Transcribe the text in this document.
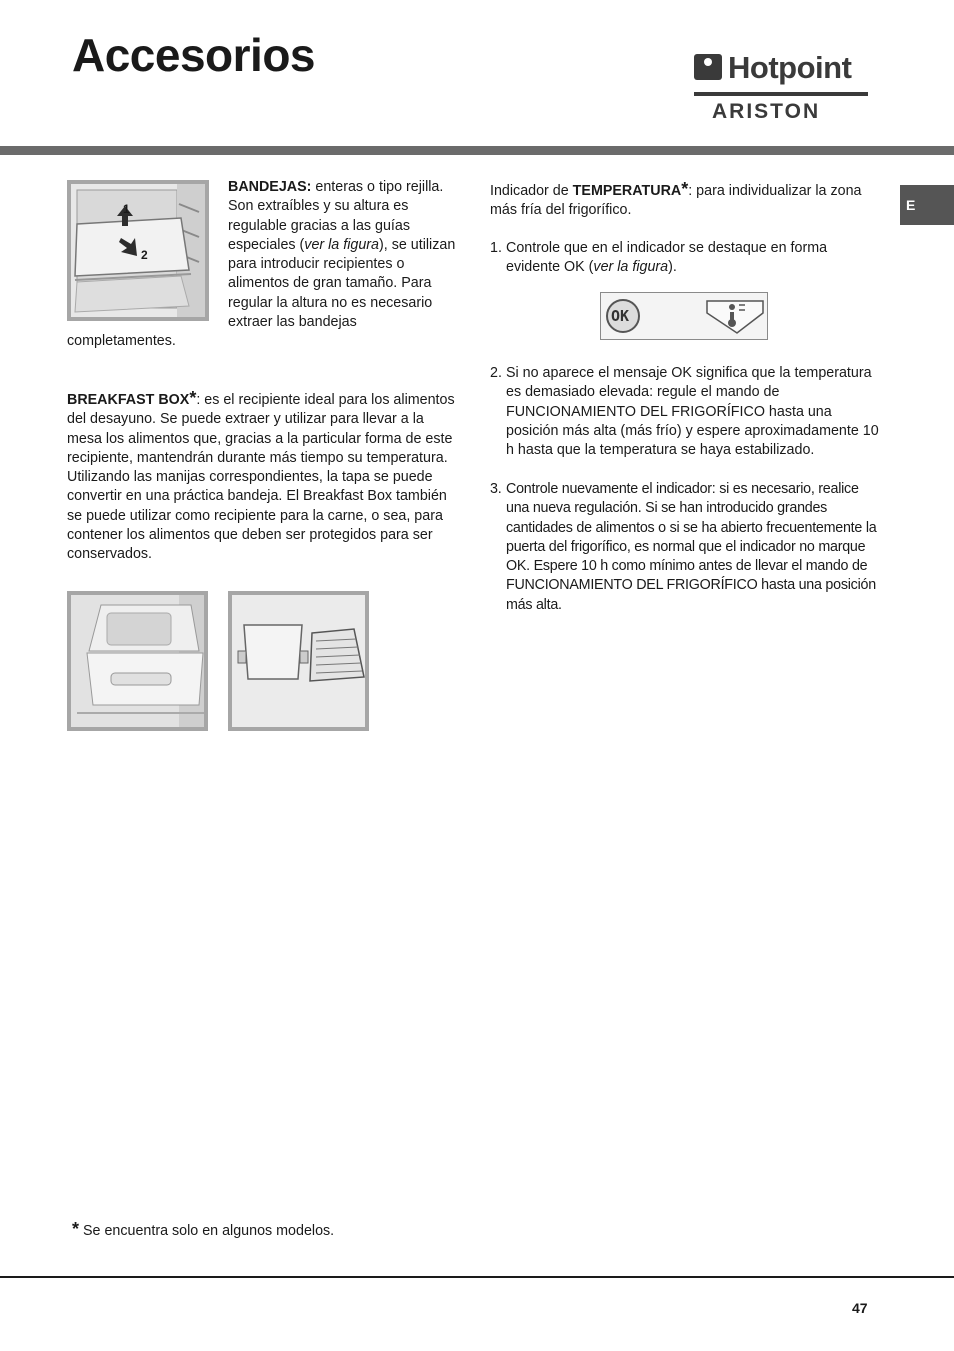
Accesorios	Hotpoint
ARISTON
E
1
2

BANDEJAS: enteras o tipo rejilla. Son extraíbles y su altura es regulable gracias a las guías especiales (ver la figura), se utilizan para introducir recipientes o alimentos de gran tamaño. Para regular la altura no es necesario extraer las bandejas

completamentes.

BREAKFAST BOX*: es el recipiente ideal para los alimentos del desayuno. Se puede extraer y utilizar para llevar a la mesa los alimentos que, gracias a la particular forma de este recipiente, mantendrán durante más tiempo su temperatura. Utilizando las manijas correspondientes, la tapa se puede convertir en una práctica bandeja. El Breakfast Box también se puede utilizar como recipiente para la carne, o sea, para contener los alimentos que deben ser protegidos para ser conservados.

Indicador de TEMPERATURA*: para individualizar la zona más fría del frigorífico.

1. Controle que en el indicador se destaque en forma evidente OK (ver la figura).
OK
2. Si no aparece el mensaje OK significa que la temperatura es demasiado elevada: regule el mando de FUNCIONAMIENTO DEL FRIGORÍFICO hasta una posición más alta (más frío) y espere aproximadamente 10 h hasta que la temperatura se haya estabilizado.
3. Controle nuevamente el indicador: si es necesario, realice una nueva regulación. Si se han introducido grandes cantidades de alimentos o si se ha abierto frecuentemente la puerta del frigorífico, es normal que el indicador no marque OK. Espere 10 h como mínimo antes de llevar el mando de FUNCIONAMIENTO DEL FRIGORÍFICO hasta una posición más alta.
* Se encuentra solo en algunos modelos.
47
